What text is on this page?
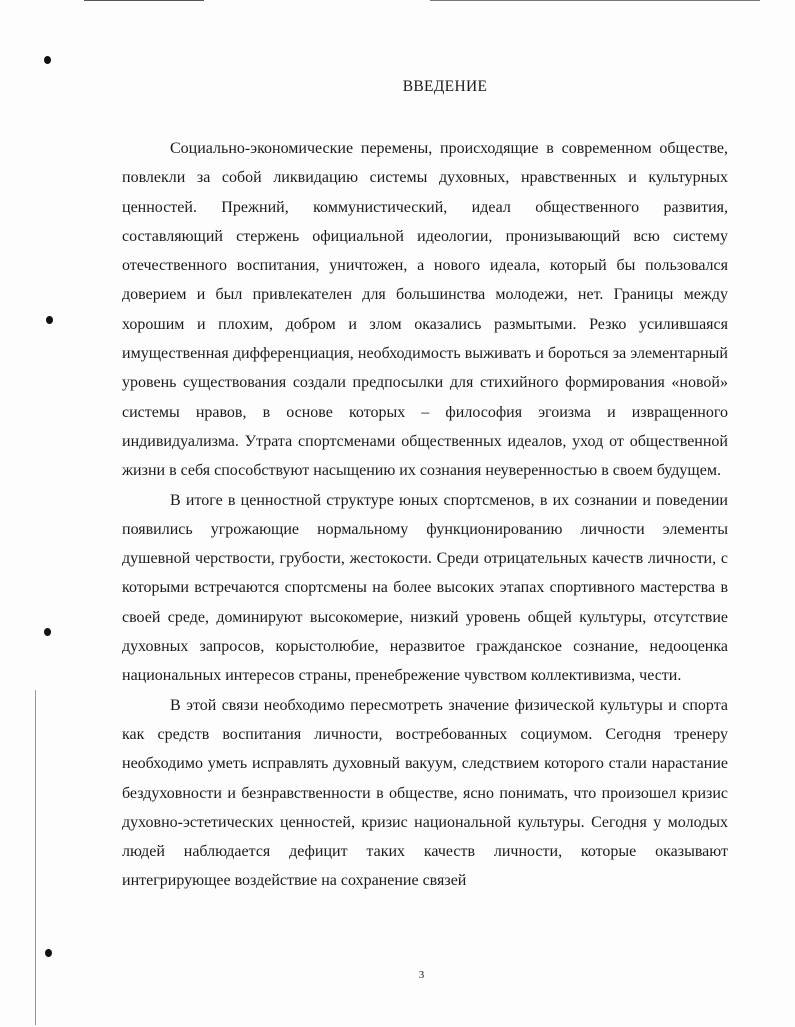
ВВЕДЕНИЕ

Социально-экономические перемены, происходящие в современном обществе, повлекли за собой ликвидацию системы духовных, нравственных и культурных ценностей. Прежний, коммунистический, идеал общественного развития, составляющий стержень официальной идеологии, пронизывающий всю систему отечественного воспитания, уничтожен, а нового идеала, который бы пользовался доверием и был привлекателен для большинства молодежи, нет. Границы между хорошим и плохим, добром и злом оказались размытыми. Резко усилившаяся имущественная дифференциация, необходимость выживать и бороться за элементарный уровень существования создали предпосылки для стихийного формирования «новой» системы нравов, в основе которых – философия эгоизма и извращенного индивидуализма. Утрата спортсменами общественных идеалов, уход от общественной жизни в себя способствуют насыщению их сознания неуверенностью в своем будущем.

В итоге в ценностной структуре юных спортсменов, в их сознании и поведении появились угрожающие нормальному функционированию личности элементы душевной черствости, грубости, жестокости. Среди отрицательных качеств личности, с которыми встречаются спортсмены на более высоких этапах спортивного мастерства в своей среде, доминируют высокомерие, низкий уровень общей культуры, отсутствие духовных запросов, корыстолюбие, неразвитое гражданское сознание, недооценка национальных интересов страны, пренебрежение чувством коллективизма, чести.

В этой связи необходимо пересмотреть значение физической культуры и спорта как средств воспитания личности, востребованных социумом. Сегодня тренеру необходимо уметь исправлять духовный вакуум, следствием которого стали нарастание бездуховности и безнравственности в обществе, ясно понимать, что произошел кризис духовно-эстетических ценностей, кризис национальной культуры. Сегодня у молодых людей наблюдается дефицит таких качеств личности, которые оказывают интегрирующее воздействие на сохранение связей

3
